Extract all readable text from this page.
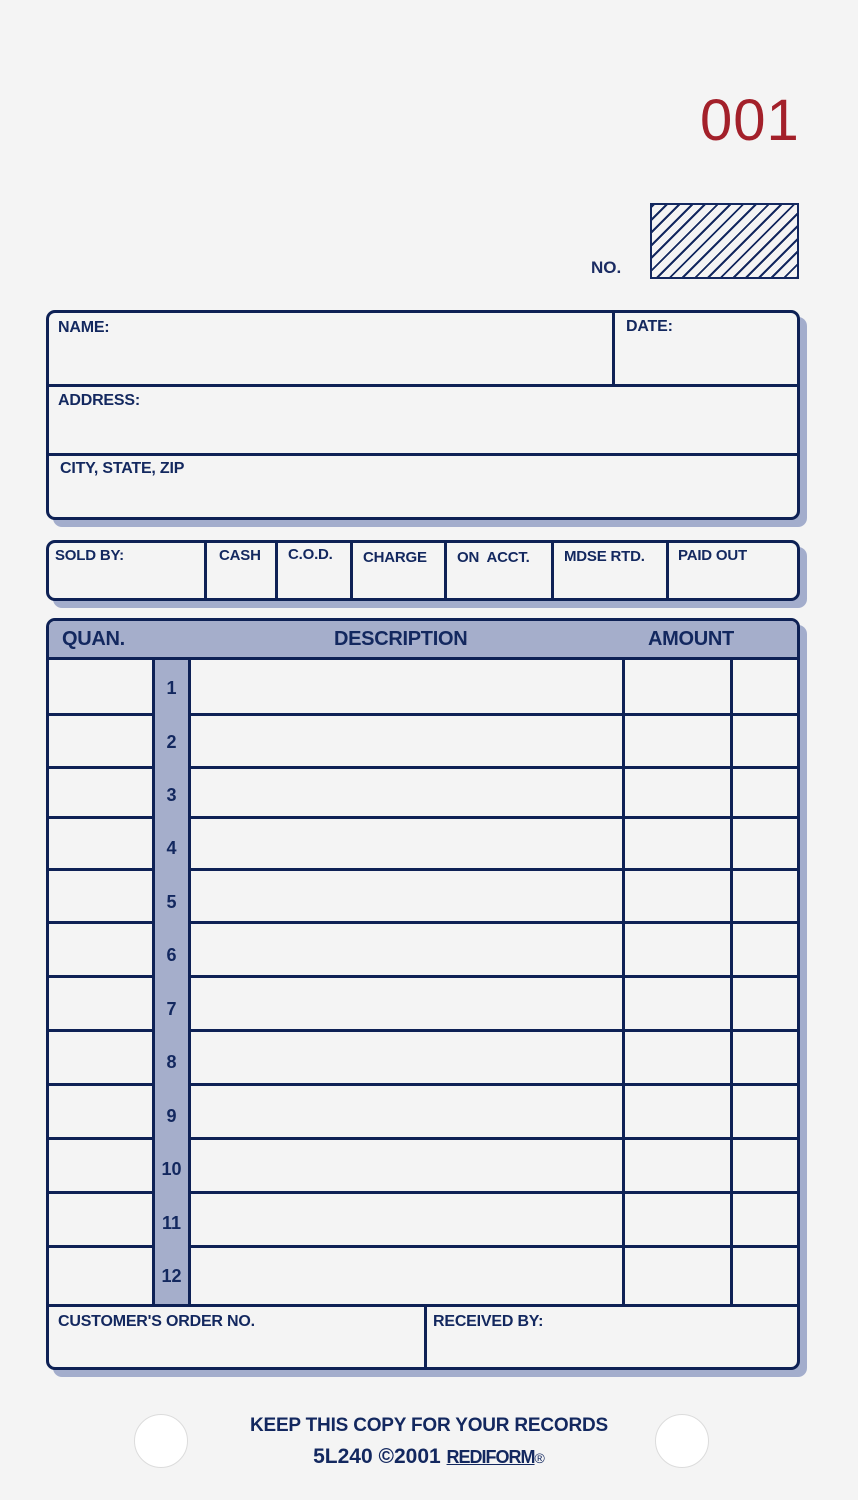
001
NO.
NAME:	DATE:
ADDRESS:
CITY, STATE, ZIP
SOLD BY:	CASH C.O.D. CHARGE ON  ACCT. MDSE RTD. PAID OUT
QUAN.	DESCRIPTION	AMOUNT
1
2
3
4
5
6
7
8
9
10
11
12
CUSTOMER'S ORDER NO.	RECEIVED BY:
KEEP THIS COPY FOR YOUR RECORDS
5L240 ©2001 REDIFORM®
